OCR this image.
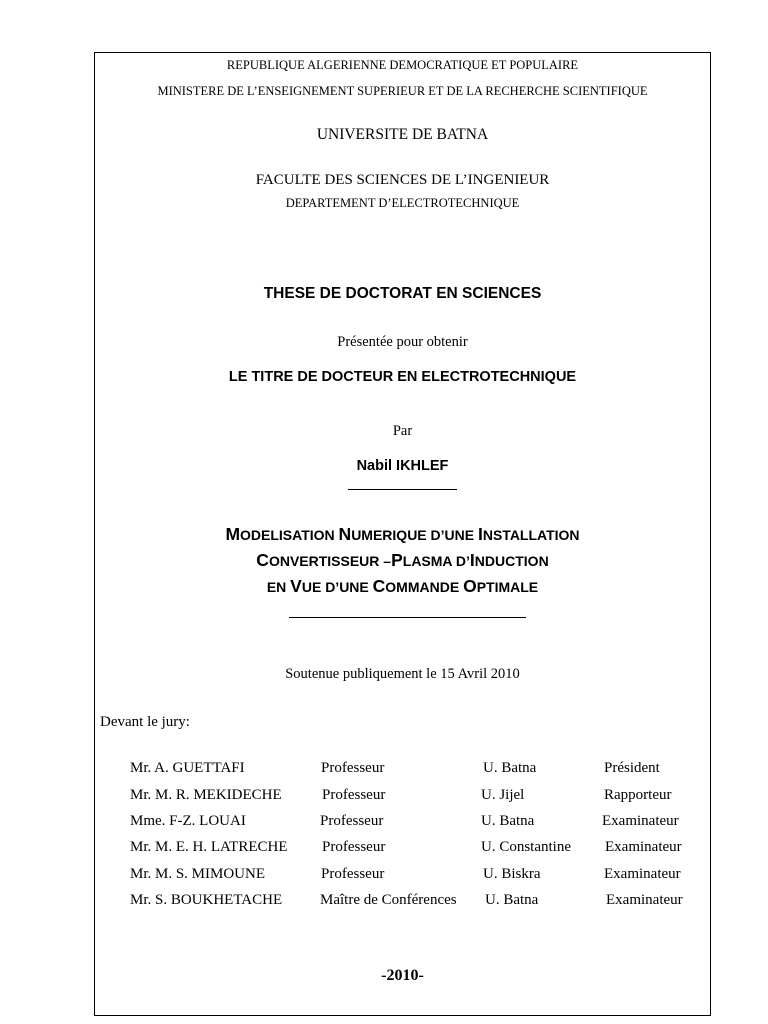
REPUBLIQUE ALGERIENNE DEMOCRATIQUE ET POPULAIRE
MINISTERE DE L’ENSEIGNEMENT SUPERIEUR ET DE LA RECHERCHE SCIENTIFIQUE
UNIVERSITE DE BATNA
FACULTE DES SCIENCES DE L’INGENIEUR
DEPARTEMENT D’ELECTROTECHNIQUE
THESE DE DOCTORAT EN SCIENCES
Présentée pour obtenir
LE TITRE DE DOCTEUR EN ELECTROTECHNIQUE
Par
Nabil IKHLEF
MODELISATION NUMERIQUE D’UNE INSTALLATION
CONVERTISSEUR –PLASMA D’INDUCTION
EN VUE D’UNE COMMANDE OPTIMALE
Soutenue publiquement le 15 Avril 2010
Devant le jury:
Mr. A. GUETTAFI	Professeur	U. Batna	Président
Mr. M. R. MEKIDECHE	Professeur	U. Jijel	Rapporteur
Mme. F-Z. LOUAI	Professeur	U. Batna	Examinateur
Mr. M. E. H. LATRECHE Professeur	U. Constantine Examinateur
Mr. M. S. MIMOUNE	Professeur	U. Biskra	Examinateur
Mr. S. BOUKHETACHE	Maître de Conférences U. Batna	Examinateur
-2010-
